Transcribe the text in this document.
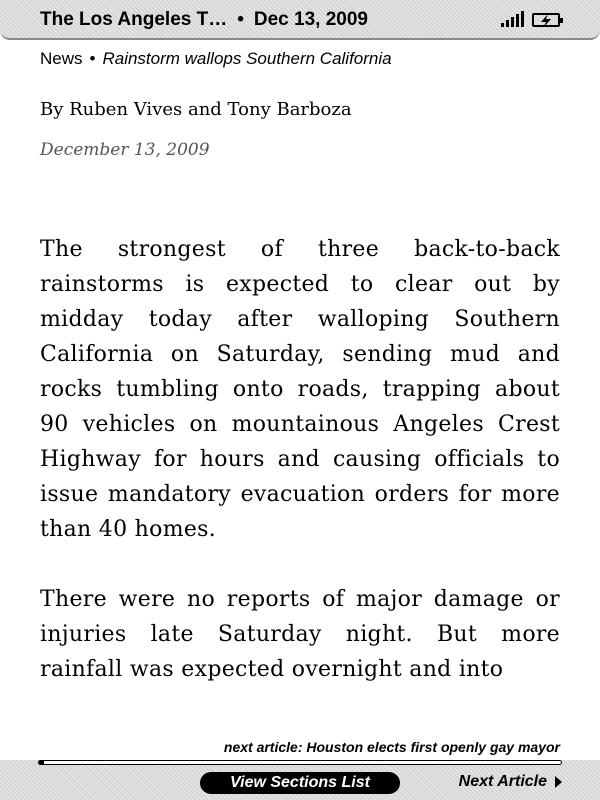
The Los Angeles T… • Dec 13, 2009
News • Rainstorm wallops Southern California
By Ruben Vives and Tony Barboza
December 13, 2009

The strongest of three back-to-back rainstorms is expected to clear out by midday today after walloping Southern California on Saturday, sending mud and rocks tumbling onto roads, trapping about 90 vehicles on mountainous Angeles Crest Highway for hours and causing officials to issue mandatory evacuation orders for more than 40 homes.

There were no reports of major damage or injuries late Saturday night. But more rainfall was expected overnight and into

next article: Houston elects first openly gay mayor
View Sections List	Next Article
